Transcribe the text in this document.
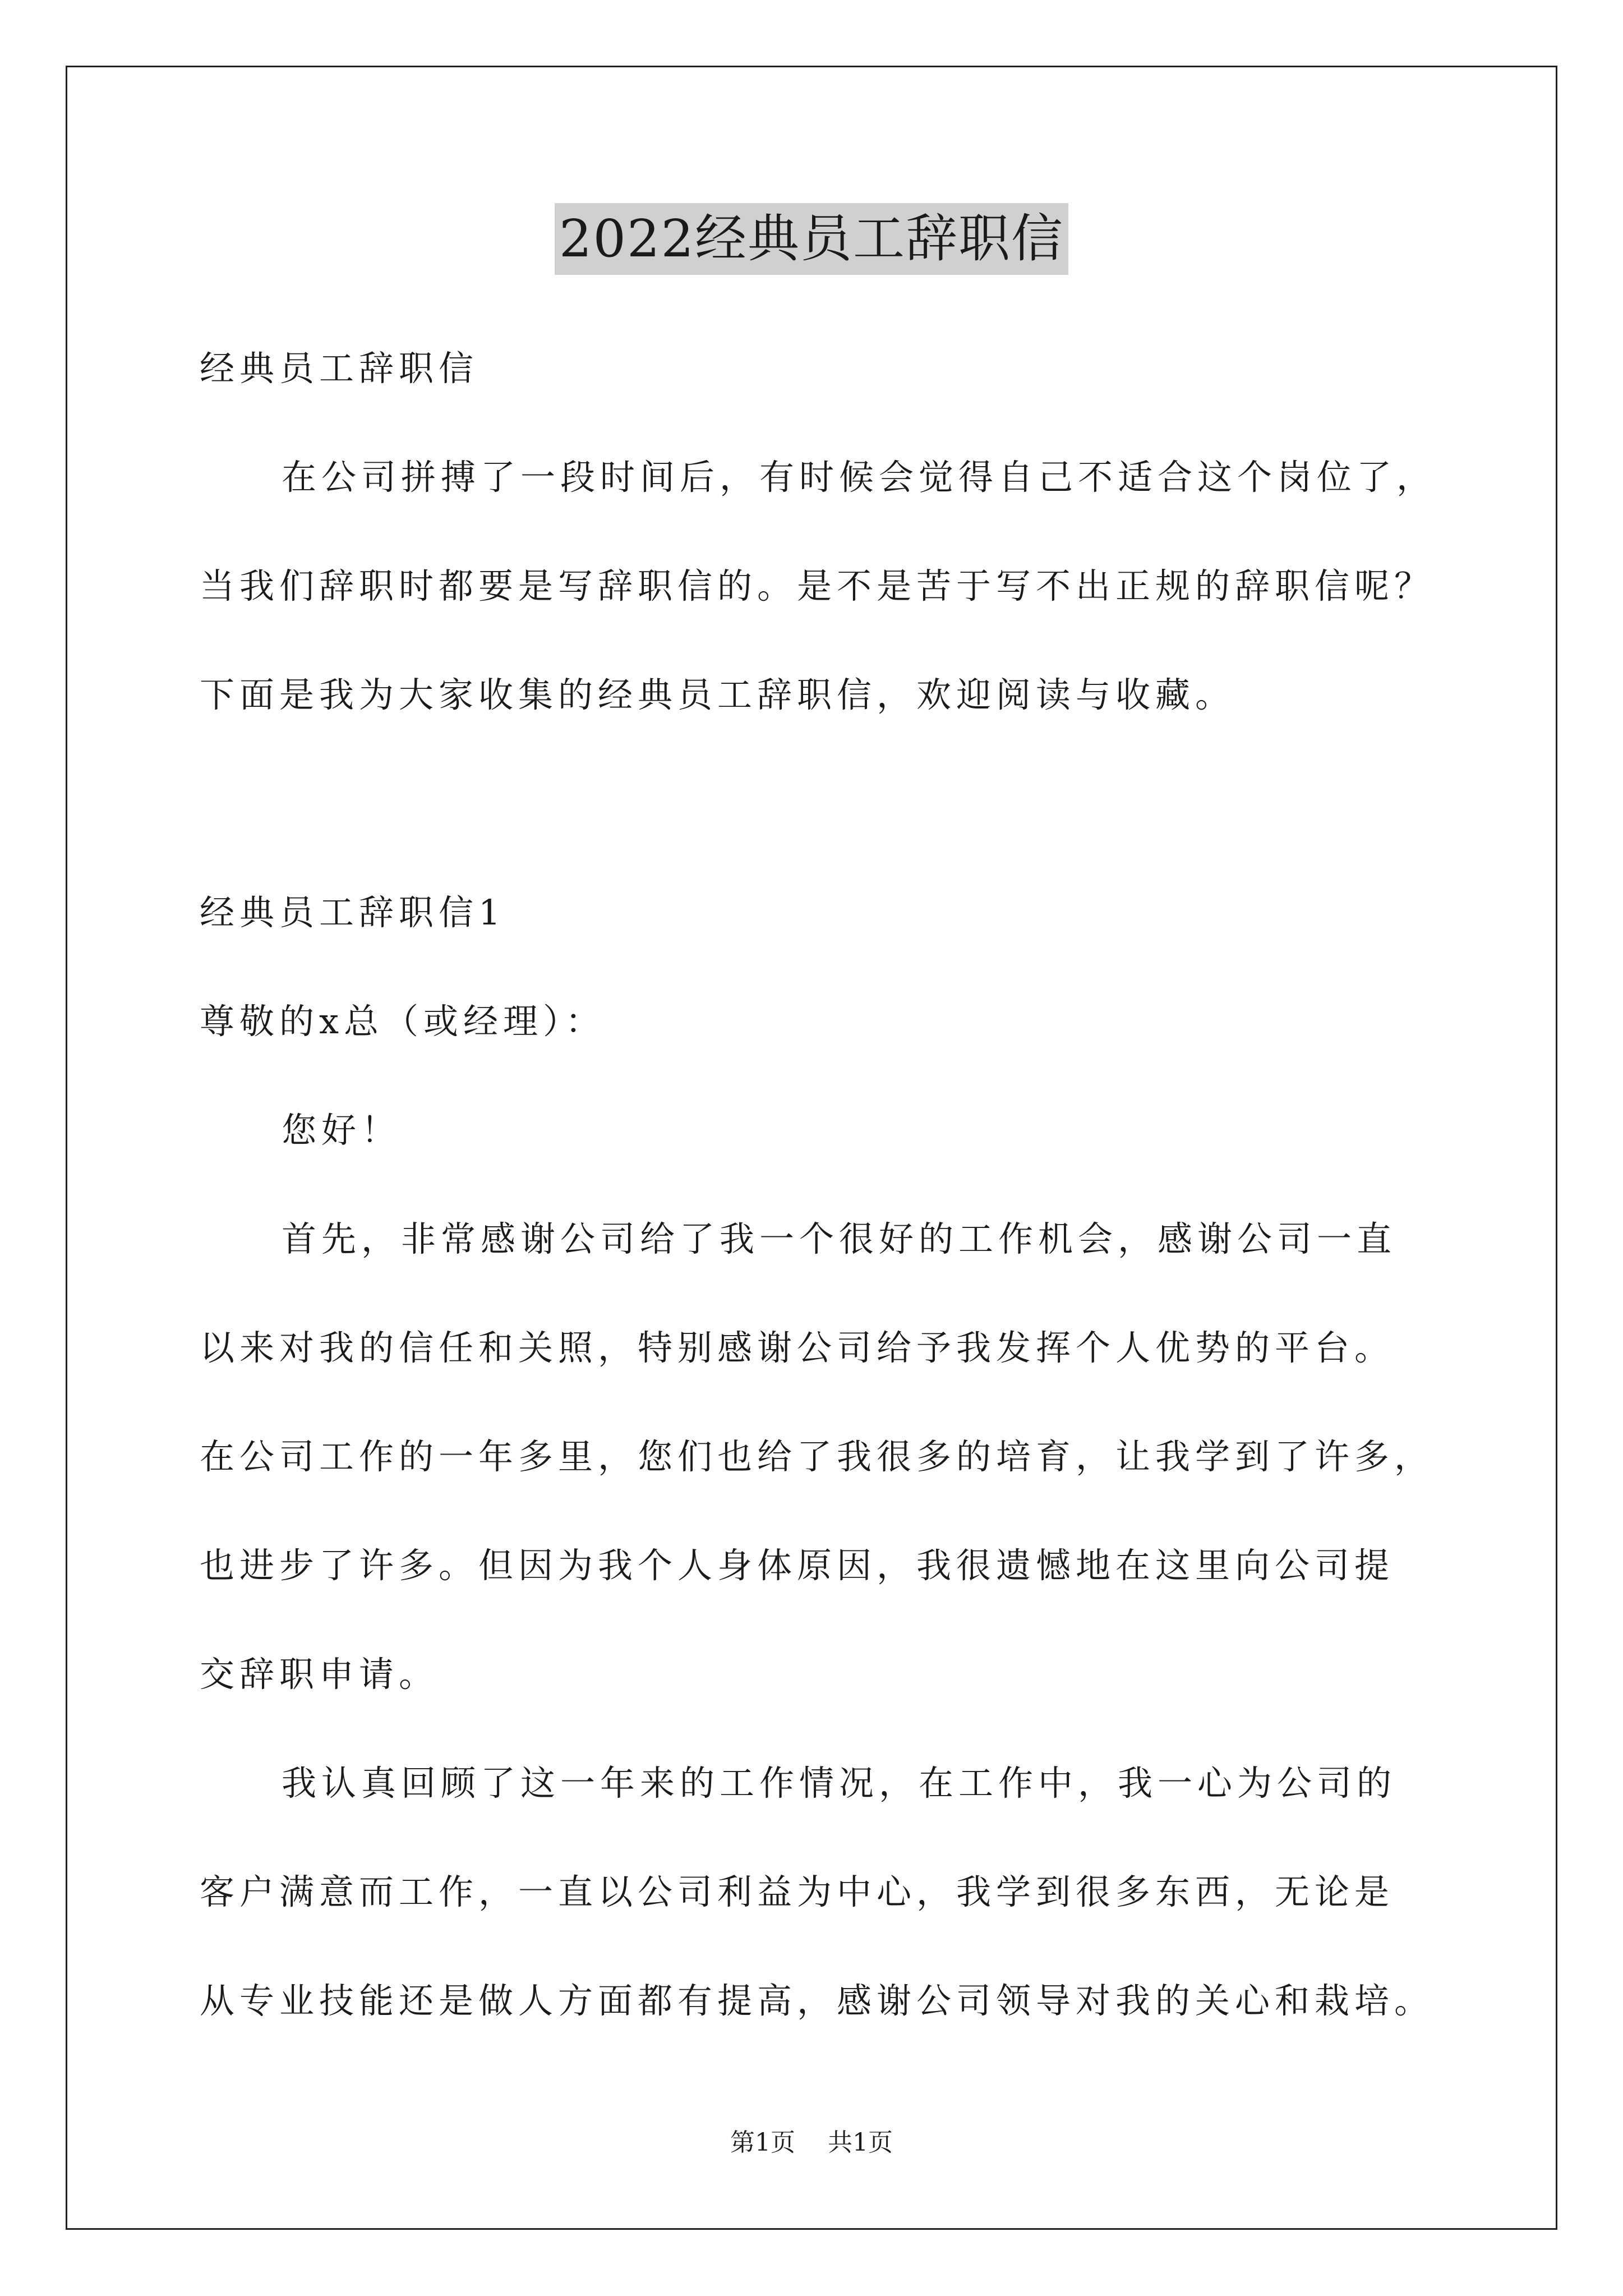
2022经典员工辞职信
经典员工辞职信
在公司拼搏了一段时间后，有时候会觉得自己不适合这个岗位了，
当我们辞职时都要是写辞职信的。是不是苦于写不出正规的辞职信呢？
下面是我为大家收集的经典员工辞职信，欢迎阅读与收藏。
经典员工辞职信1
尊敬的x总（或经理）：
您好！
首先，非常感谢公司给了我一个很好的工作机会，感谢公司一直
以来对我的信任和关照，特别感谢公司给予我发挥个人优势的平台。
在公司工作的一年多里，您们也给了我很多的培育，让我学到了许多，
也进步了许多。但因为我个人身体原因，我很遗憾地在这里向公司提
交辞职申请。
我认真回顾了这一年来的工作情况，在工作中，我一心为公司的
客户满意而工作，一直以公司利益为中心，我学到很多东西，无论是
从专业技能还是做人方面都有提高，感谢公司领导对我的关心和栽培。
第1页 共1页
